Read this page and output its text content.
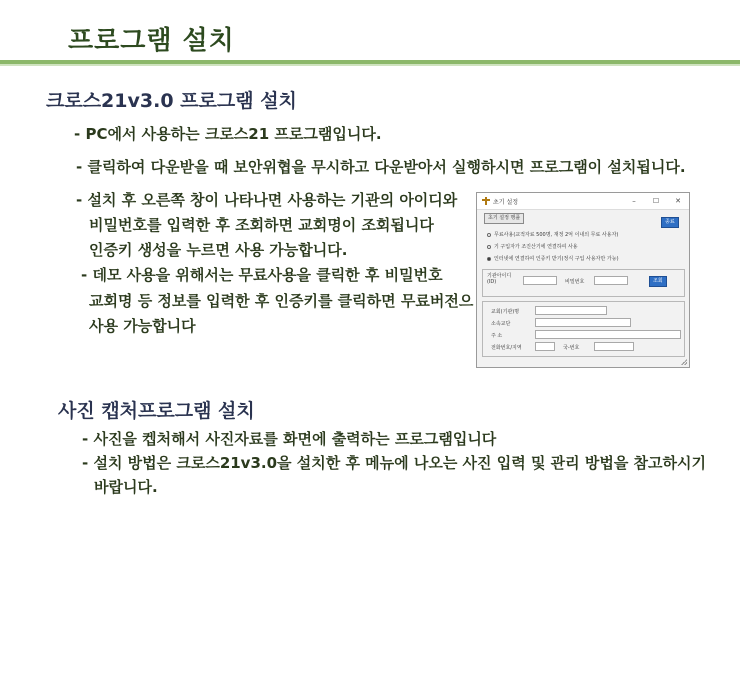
프로그램 설치
크로스21v3.0 프로그램 설치
- PC에서 사용하는 크로스21 프로그램입니다.
- 클릭하여 다운받을 때 보안위협을 무시하고 다운받아서 실행하시면 프로그램이 설치됩니다.
- 설치 후 오른쪽 창이 나타나면 사용하는 기관의 아이디와
비밀번호를 입력한 후 조회하면 교회명이 조회됩니다
인증키 생성을 누르면 사용 가능합니다.
- 데모 사용을 위해서는 무료사용을 클릭한 후 비밀번호
교회명 등 정보를 입력한 후 인증키를 클릭하면 무료버전으
사용 가능합니다
초기 설정	–	☐	✕
초기 설정 맹플
종료
무료사용(교적자료 500명, 재정 2억 이내의 무료 사용자)
기 구입자가 조진산기에 연결하여 사용
인터넷에 연결하여 인증키 받기(정식 구입 사용자만 가능)
기관아이디
(ID)	비밀번호	조회
교회(기관)명
소속교단
주 소
전화번호/지역	국-번호
사진 캡처프로그램 설치
- 사진을 켑처해서 사진자료를 화면에 출력하는 프로그램입니다
- 설치 방법은 크로스21v3.0을 설치한 후 메뉴에 나오는 사진 입력 및 관리 방법을 참고하시기
바랍니다.
